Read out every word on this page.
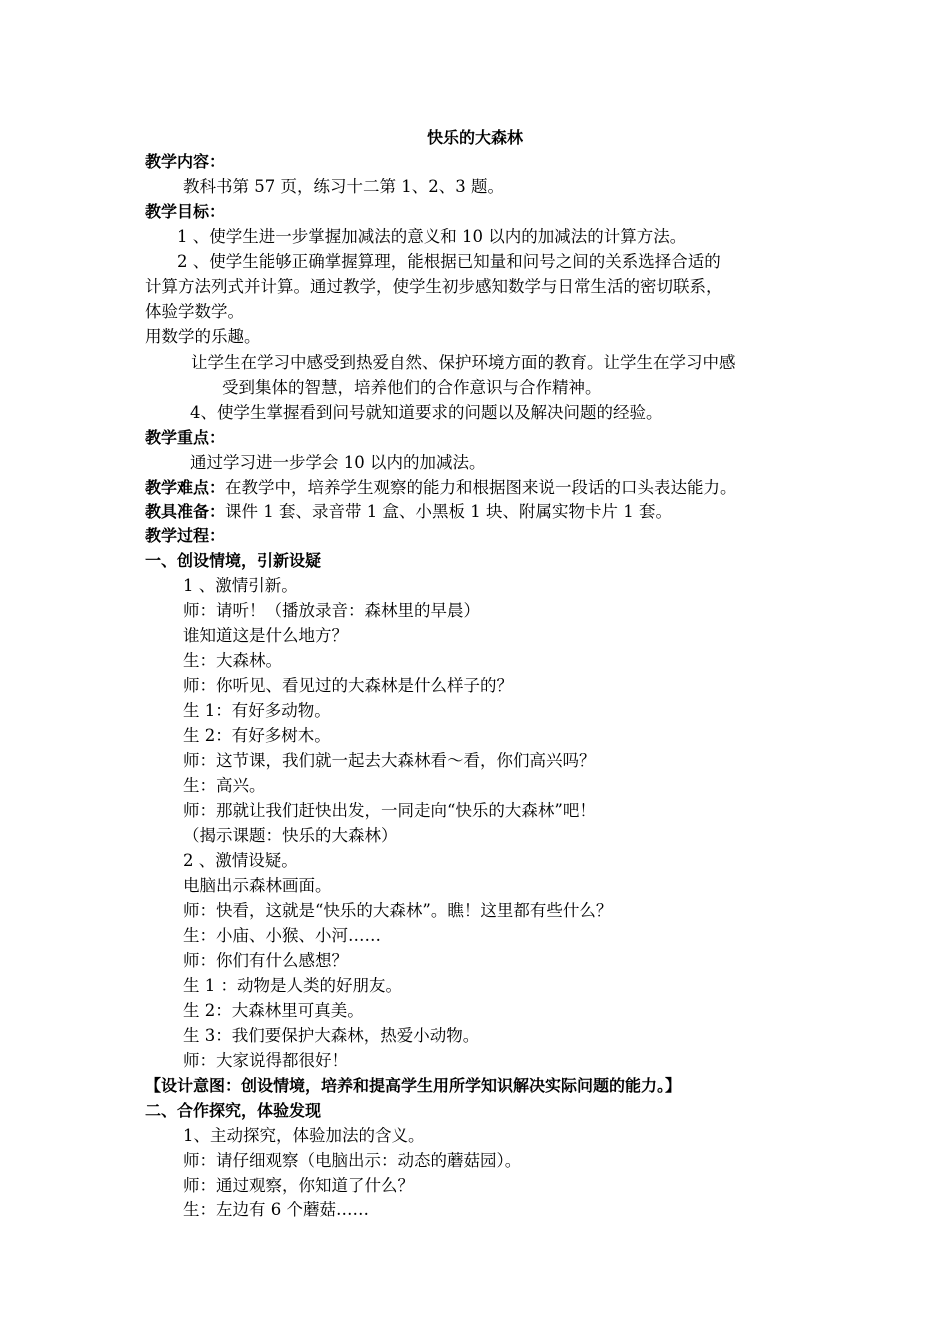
快乐的大森林
教学内容：
教科书第 57 页，练习十二第 1、2、3 题。
教学目标：
1 、使学生进一步掌握加减法的意义和 10 以内的加减法的计算方法。
2 、使学生能够正确掌握算理，能根据已知量和问号之间的关系选择合适的
计算方法列式并计算。通过教学，使学生初步感知数学与日常生活的密切联系，
体验学数学。
用数学的乐趣。
让学生在学习中感受到热爱自然、保护环境方面的教育。让学生在学习中感
受到集体的智慧，培养他们的合作意识与合作精神。
4、使学生掌握看到问号就知道要求的问题以及解决问题的经验。
教学重点：
通过学习进一步学会 10 以内的加减法。
教学难点：在教学中，培养学生观察的能力和根据图来说一段话的口头表达能力。
教具准备：课件 1 套、录音带 1 盒、小黑板 1 块、附属实物卡片 1 套。
教学过程：
一、创设情境，引新设疑
1 、激情引新。
师：请听！（播放录音：森林里的早晨）
谁知道这是什么地方？
生：大森林。
师：你听见、看见过的大森林是什么样子的？
生 1：有好多动物。
生 2：有好多树木。
师：这节课，我们就一起去大森林看～看，你们高兴吗？
生：高兴。
师：那就让我们赶快出发，一同走向“快乐的大森林”吧！
（揭示课题：快乐的大森林）
2 、激情设疑。
电脑出示森林画面。
师：快看，这就是“快乐的大森林”。瞧！这里都有些什么？
生：小庙、小猴、小河……
师：你们有什么感想？
生 1 ：动物是人类的好朋友。
生 2：大森林里可真美。
生 3：我们要保护大森林，热爱小动物。
师：大家说得都很好！
【设计意图：创设情境，培养和提高学生用所学知识解决实际问题的能力。】
二、合作探究，体验发现
1、主动探究，体验加法的含义。
师：请仔细观察（电脑出示：动态的蘑菇园）。
师：通过观察，你知道了什么？
生：左边有 6 个蘑菇……
